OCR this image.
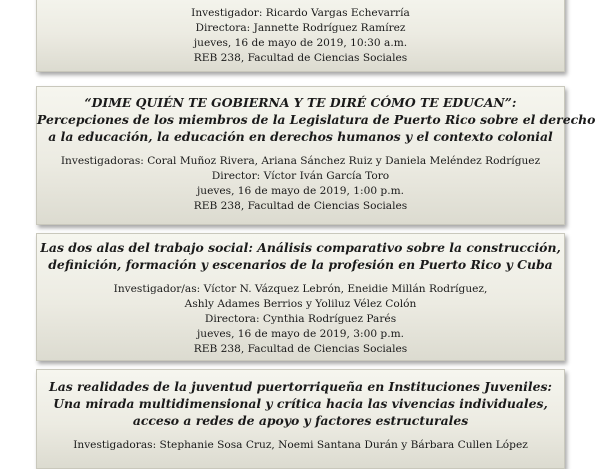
Investigador: Ricardo Vargas Echevarría
Directora: Jannette Rodríguez Ramírez
jueves, 16 de mayo de 2019, 10:30 a.m.
REB 238, Facultad de Ciencias Sociales
“DIME QUIÉN TE GOBIERNA Y TE DIRÉ CÓMO TE EDUCAN”:
Percepciones de los miembros de la Legislatura de Puerto Rico sobre el derecho
a la educación, la educación en derechos humanos y el contexto colonial
Investigadoras: Coral Muñoz Rivera, Ariana Sánchez Ruiz y Daniela Meléndez Rodríguez
Director: Víctor Iván García Toro
jueves, 16 de mayo de 2019, 1:00 p.m.
REB 238, Facultad de Ciencias Sociales
Las dos alas del trabajo social: Análisis comparativo sobre la construcción,
definición, formación y escenarios de la profesión en Puerto Rico y Cuba
Investigador/as: Víctor N. Vázquez Lebrón, Eneidie Millán Rodríguez,
Ashly Adames Berrios y Yoliluz Vélez Colón
Directora: Cynthia Rodríguez Parés
jueves, 16 de mayo de 2019, 3:00 p.m.
REB 238, Facultad de Ciencias Sociales
Las realidades de la juventud puertorriqueña en Instituciones Juveniles:
Una mirada multidimensional y crítica hacia las vivencias individuales,
acceso a redes de apoyo y factores estructurales
Investigadoras: Stephanie Sosa Cruz, Noemi Santana Durán y Bárbara Cullen López
